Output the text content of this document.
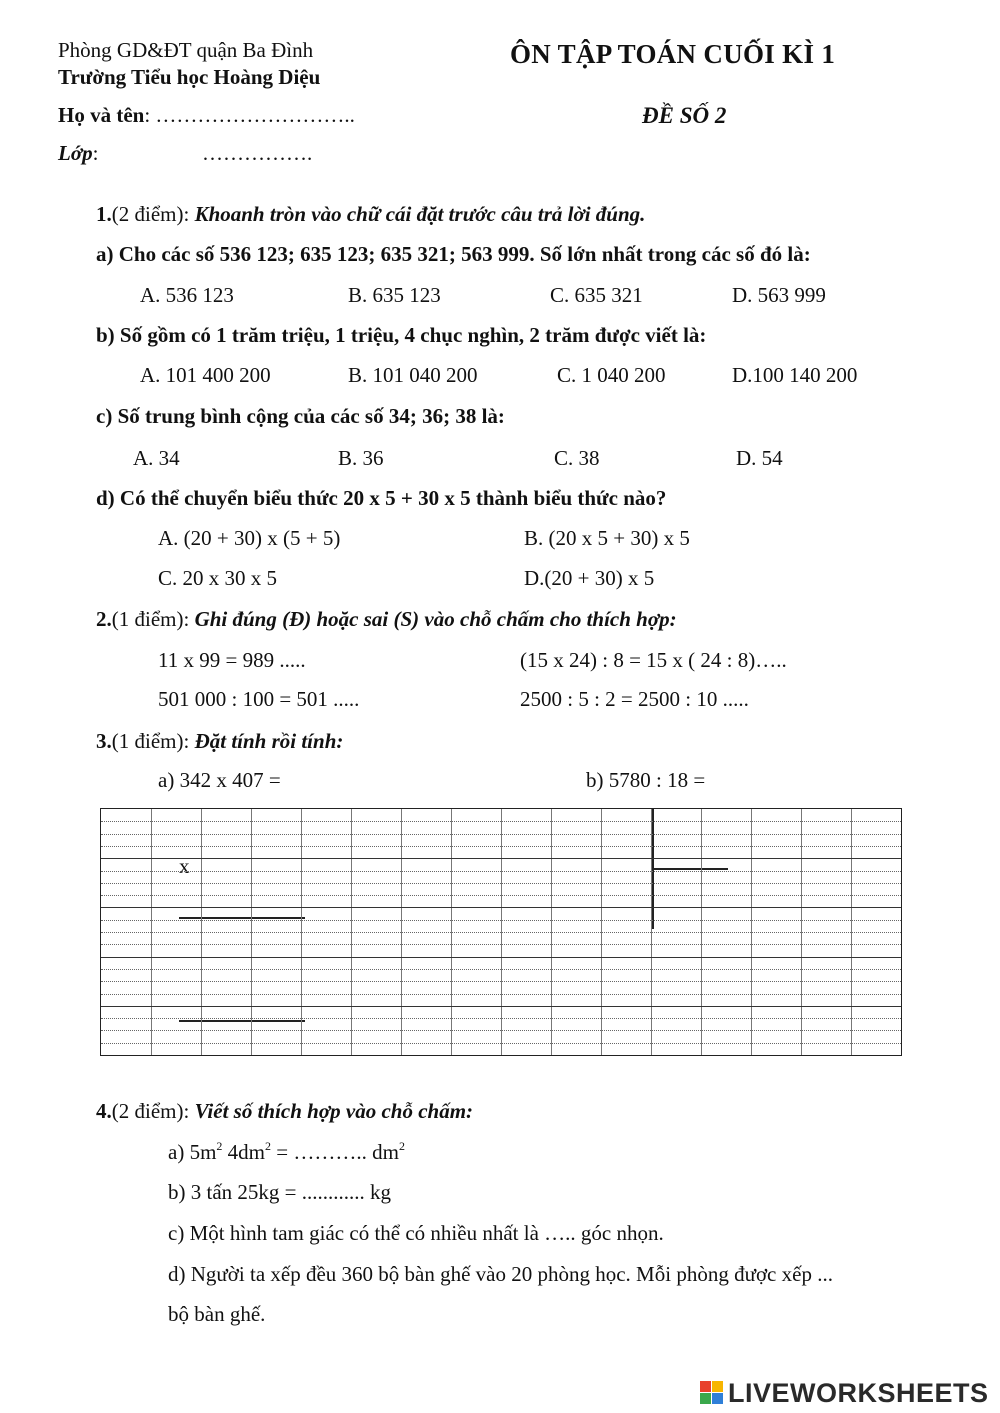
Phòng GD&ĐT quận Ba Đình
Trường Tiểu học Hoàng Diệu
ÔN TẬP TOÁN CUỐI KÌ 1
Họ và tên: ………………………..	ĐỀ SỐ 2
Lớp:	…………….
1.(2 điểm): Khoanh tròn vào chữ cái đặt trước câu trả lời đúng.
a) Cho các số 536 123; 635 123; 635 321; 563 999. Số lớn nhất trong các số đó là:
A. 536 123	B. 635 123	C. 635 321	D. 563 999
b) Số gồm có 1 trăm triệu, 1 triệu, 4 chục nghìn, 2 trăm được viết là:
A. 101 400 200	B. 101 040 200	C. 1 040 200	D.100 140 200
c) Số trung bình cộng của các số 34; 36; 38 là:
A. 34	B. 36	C. 38	D. 54
d) Có thể chuyển biểu thức 20 x 5 + 30 x 5 thành biểu thức nào?
A. (20 + 30) x (5 + 5)	B. (20 x 5 + 30) x 5
C. 20 x 30 x 5	D.(20 + 30) x 5
2.(1 điểm): Ghi đúng (Đ) hoặc sai (S) vào chỗ chấm cho thích hợp:
11 x 99 = 989 .....	(15 x 24) : 8 = 15 x ( 24 : 8)…..
501 000 : 100 = 501 .....	2500 : 5 : 2 = 2500 : 10 .....
3.(1 điểm): Đặt tính rồi tính:
a) 342 x 407 =	b) 5780 : 18 =
x
4.(2 điểm): Viết số thích hợp vào chỗ chấm:
a) $5m^2$ $4dm^2$ = ……….. $dm^2$
b) 3 tấn 25kg = ............ kg
c) Một hình tam giác có thể có nhiều nhất là ….. góc nhọn.
d) Người ta xếp đều 360 bộ bàn ghế vào 20 phòng học. Mỗi phòng được xếp ...
bộ bàn ghế.
LIVEWORKSHEETS
